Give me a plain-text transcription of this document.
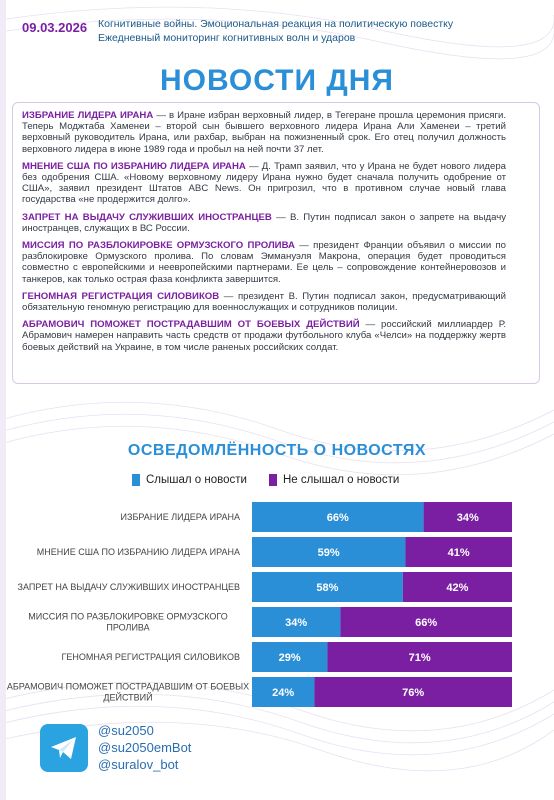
09.03.2026 Когнитивные войны. Эмоциональная реакция на политическую повестку
Ежедневный мониторинг когнитивных волн и ударов
НОВОСТИ ДНЯ

ИЗБРАНИЕ ЛИДЕРА ИРАНА — в Иране избран верховный лидер, в Тегеране прошла церемония присяги. Теперь Моджтаба Хаменеи – второй сын бывшего верховного лидера Ирана Али Хаменеи – третий верховный руководитель Ирана, или рахбар, выбран на пожизненный срок. Его отец получил должность верховного лидера в июне 1989 года и пробыл на ней почти 37 лет.

МНЕНИЕ США ПО ИЗБРАНИЮ ЛИДЕРА ИРАНА — Д. Трамп заявил, что у Ирана не будет нового лидера без одобрения США. «Новому верховному лидеру Ирана нужно будет сначала получить одобрение от США», заявил президент Штатов ABC News. Он пригрозил, что в противном случае новый глава государства «не продержится долго».

ЗАПРЕТ НА ВЫДАЧУ СЛУЖИВШИХ ИНОСТРАНЦЕВ — В. Путин подписал закон о запрете на выдачу иностранцев, служащих в ВС России.

МИССИЯ ПО РАЗБЛОКИРОВКЕ ОРМУЗСКОГО ПРОЛИВА — президент Франции объявил о миссии по разблокировке Ормузского пролива. По словам Эммануэля Макрона, операция будет проводиться совместно с европейскими и неевропейскими партнерами. Ее цель – сопровождение контейнеровозов и танкеров, как только острая фаза конфликта завершится.

ГЕНОМНАЯ РЕГИСТРАЦИЯ СИЛОВИКОВ — президент В. Путин подписал закон, предусматривающий обязательную геномную регистрацию для военнослужащих и сотрудников полиции.

АБРАМОВИЧ ПОМОЖЕТ ПОСТРАДАВШИМ ОТ БОЕВЫХ ДЕЙСТВИЙ — российский миллиардер Р. Абрамович намерен направить часть средств от продажи футбольного клуба «Челси» на поддержку жертв боевых действий на Украине, в том числе раненых российских солдат.

ОСВЕДОМЛЁННОСТЬ О НОВОСТЯХ
Слышал о новости	Не слышал о новости
ИЗБРАНИЕ ЛИДЕРА ИРАНА	66%	34%
МНЕНИЕ США ПО ИЗБРАНИЮ ЛИДЕРА ИРАНА	59%	41%
ЗАПРЕТ НА ВЫДАЧУ СЛУЖИВШИХ ИНОСТРАНЦЕВ	58%	42%
МИССИЯ ПО РАЗБЛОКИРОВКЕ ОРМУЗСКОГО ПРОЛИВА	34%	66%
ГЕНОМНАЯ РЕГИСТРАЦИЯ СИЛОВИКОВ	29%	71%
АБРАМОВИЧ ПОМОЖЕТ ПОСТРАДАВШИМ ОТ БОЕВЫХ ДЕЙСТВИЙ	24%	76%
@su2050
@su2050emBot
@suralov_bot
